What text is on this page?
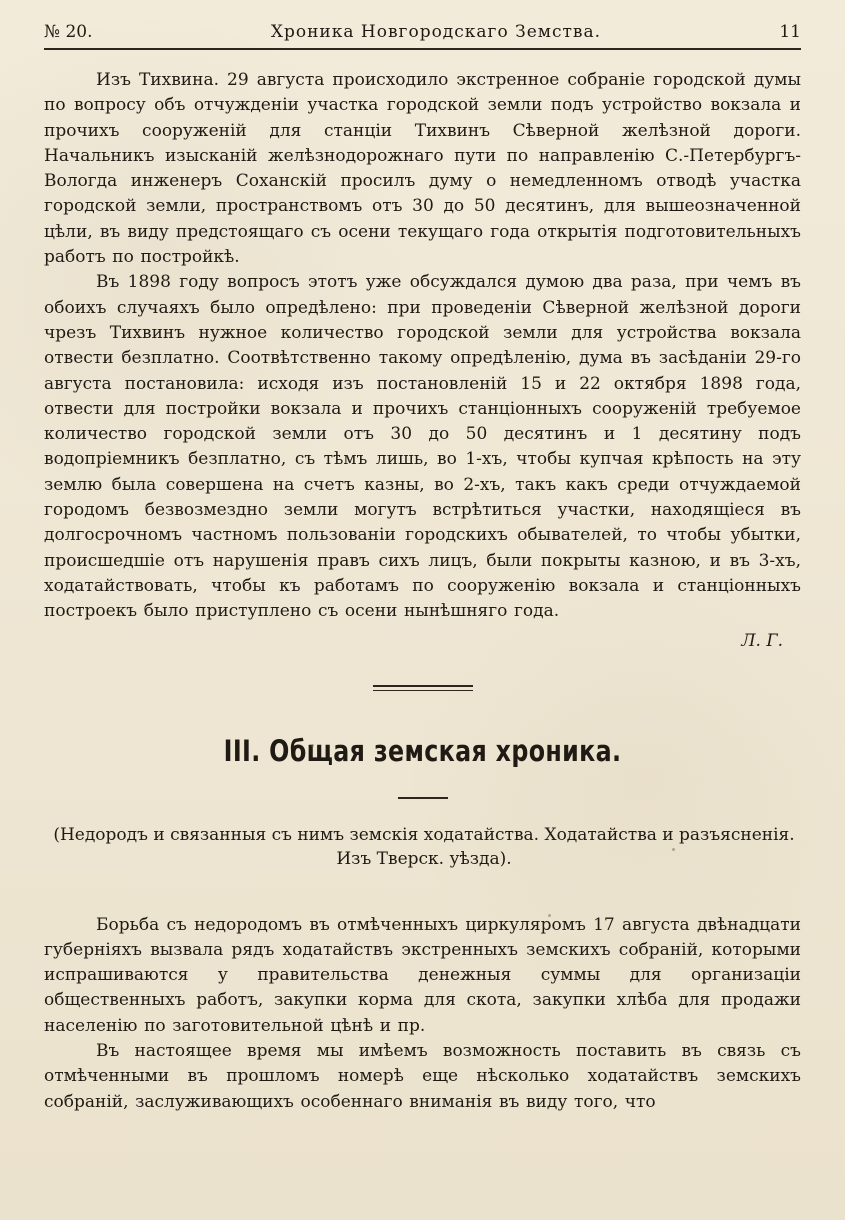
№ 20.	Хроника Новгородскаго Земства.	11

Изъ Тихвина. 29 августа происходило экстренное собраніе городской думы по вопросу объ отчужденіи участка городской земли подъ устройство вокзала и прочихъ сооруженій для станціи Тихвинъ Сѣверной желѣзной дороги. Начальникъ изысканій желѣзнодорожнаго пути по направленію С.-Петербургъ-Вологда инженеръ Соханскій просилъ думу о немедленномъ отводѣ участка городской земли, пространствомъ отъ 30 до 50 десятинъ, для вышеозначенной цѣли, въ виду предстоящаго съ осени текущаго года открытія подготовительныхъ работъ по постройкѣ.

Въ 1898 году вопросъ этотъ уже обсуждался думою два раза, при чемъ въ обоихъ случаяхъ было опредѣлено: при проведеніи Сѣверной желѣзной дороги чрезъ Тихвинъ нужное количество городской земли для устройства вокзала отвести безплатно. Соотвѣтственно такому опредѣленію, дума въ засѣданіи 29-го августа постановила: исходя изъ постановленій 15 и 22 октября 1898 года, отвести для постройки вокзала и прочихъ станціонныхъ сооруженій требуемое количество городской земли отъ 30 до 50 десятинъ и 1 десятину подъ водопріемникъ безплатно, съ тѣмъ лишь, во 1-хъ, чтобы купчая крѣпость на эту землю была совершена на счетъ казны, во 2-хъ, такъ какъ среди отчуждаемой городомъ безвозмездно земли могутъ встрѣтиться участки, находящіеся въ долгосрочномъ частномъ пользованіи городскихъ обывателей, то чтобы убытки, происшедшіе отъ нарушенія правъ сихъ лицъ, были покрыты казною, и въ 3-хъ, ходатайствовать, чтобы къ работамъ по сооруженію вокзала и станціонныхъ построекъ было приступлено съ осени нынѣшняго года.

Л. Г.
III. Общая земская хроника.
(Недородъ и связанныя съ нимъ земскія ходатайства. Ходатайства и разъясненія. Изъ Тверск. уѣзда).

Борьба съ недородомъ въ отмѣченныхъ циркуляромъ 17 августа двѣнадцати губерніяхъ вызвала рядъ ходатайствъ экстренныхъ земскихъ собраній, которыми испрашиваются у правительства денежныя суммы для организаціи общественныхъ работъ, закупки корма для скота, закупки хлѣба для продажи населенію по заготовительной цѣнѣ и пр.

Въ настоящее время мы имѣемъ возможность поставить въ связь съ отмѣченными въ прошломъ номерѣ еще нѣсколько ходатайствъ земскихъ собраній, заслуживающихъ особеннаго вниманія въ виду того, что
